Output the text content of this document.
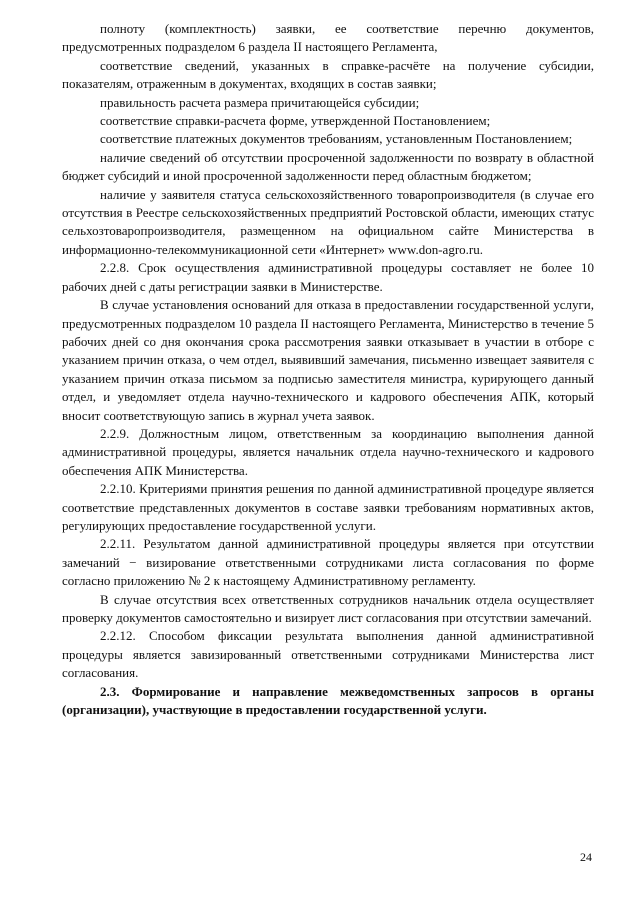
полноту (комплектность) заявки, ее соответствие перечню документов, предусмотренных подразделом 6 раздела II настоящего Регламента,

соответствие сведений, указанных в справке-расчёте на получение субсидии, показателям, отраженным в документах, входящих в состав заявки;

правильность расчета размера причитающейся субсидии;

соответствие справки-расчета форме, утвержденной Постановлением;

соответствие платежных документов требованиям, установленным Постановлением;

наличие сведений об отсутствии просроченной задолженности по возврату в областной бюджет субсидий и иной просроченной задолженности перед областным бюджетом;

наличие у заявителя статуса сельскохозяйственного товаропроизводителя (в случае его отсутствия в Реестре сельскохозяйственных предприятий Ростовской области, имеющих статус сельхозтоваропроизводителя, размещенном на официальном сайте Министерства в информационно-телекоммуникационной сети «Интернет» www.don-agro.ru.

2.2.8. Срок осуществления административной процедуры составляет не более 10 рабочих дней с даты регистрации заявки в Министерстве.

В случае установления оснований для отказа в предоставлении государственной услуги, предусмотренных подразделом 10 раздела II настоящего Регламента, Министерство в течение 5 рабочих дней со дня окончания срока рассмотрения заявки отказывает в участии в отборе с указанием причин отказа, о чем отдел, выявивший замечания, письменно извещает заявителя с указанием причин отказа письмом за подписью заместителя министра, курирующего данный отдел, и уведомляет отдела научно-технического и кадрового обеспечения АПК, который вносит соответствующую запись в журнал учета заявок.

2.2.9. Должностным лицом, ответственным за координацию выполнения данной административной процедуры, является начальник отдела научно-технического и кадрового обеспечения АПК Министерства.

2.2.10. Критериями принятия решения по данной административной процедуре является соответствие представленных документов в составе заявки требованиям нормативных актов, регулирующих предоставление государственной услуги.

2.2.11. Результатом данной административной процедуры является при отсутствии замечаний − визирование ответственными сотрудниками листа согласования по форме согласно приложению № 2 к настоящему Административному регламенту.

В случае отсутствия всех ответственных сотрудников начальник отдела осуществляет проверку документов самостоятельно и визирует лист согласования при отсутствии замечаний.

2.2.12. Способом фиксации результата выполнения данной административной процедуры является завизированный ответственными сотрудниками Министерства лист согласования.

2.3. Формирование и направление межведомственных запросов в органы (организации), участвующие в предоставлении государственной услуги.

24
